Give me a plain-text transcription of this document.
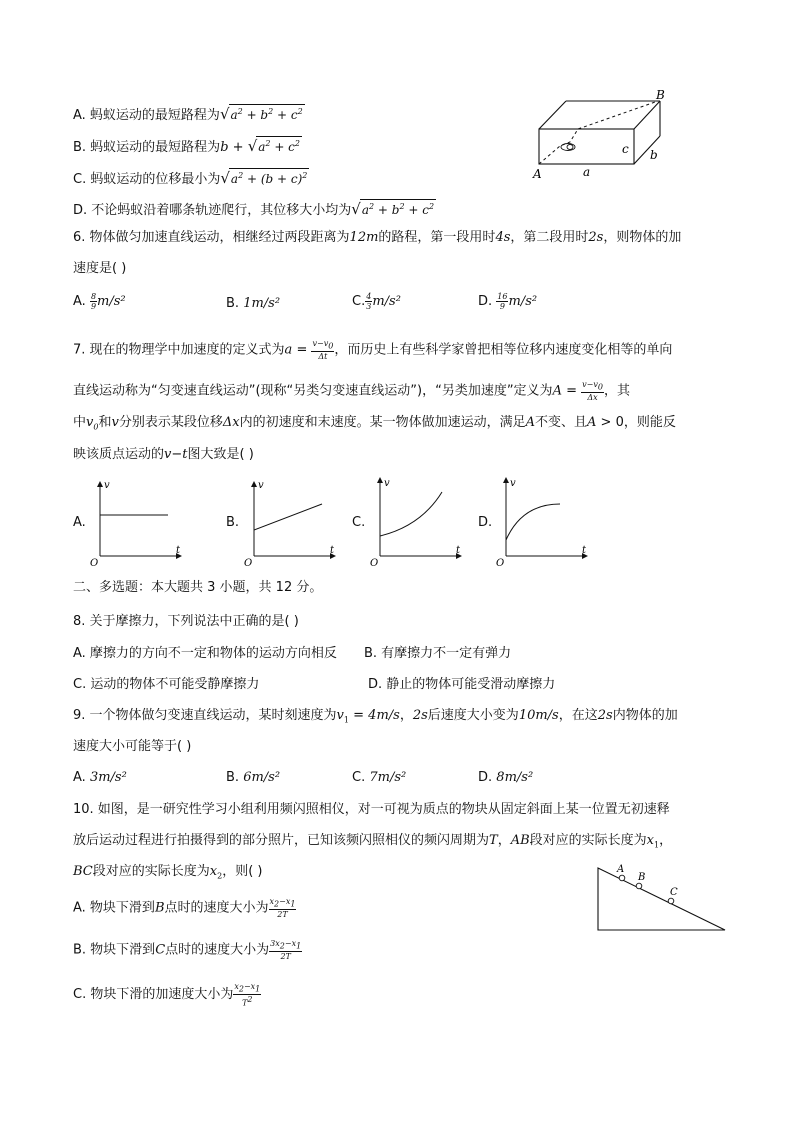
A. 蚂蚁运动的最短路程为$√a^2 + b^2 + c^2$
B. 蚂蚁运动的最短路程为$b + √a^2 + c^2$
C. 蚂蚁运动的位移最小为$√a^2 + (b + c)^2$
D. 不论蚂蚁沿着哪条轨迹爬行，其位移大小均为$√a^2 + b^2 + c^2$
A
B
a
b
c
6. 物体做匀加速直线运动，相继经过两段距离为12m的路程，第一段用时4s，第二段用时2s，则物体的加
速度是( )
A. $\frac{8}{9} m/s^2$	B. 1m/s²	C. $\frac{4}{3} m/s^2$	D. $\frac{16}{9} m/s^2$
7. 现在的物理学中加速度的定义式为$a = \frac{v-v_0}{\Delta t}$ ，而历史上有些科学家曾把相等位移内速度变化相等的单向
直线运动称为“匀变速直线运动”(现称“另类匀变速直线运动”)，“另类加速度”定义为$A = \frac{v-v_0}{\Delta x}$ ，其
中$v_0$和v分别表示某段位移Δx内的初速度和末速度。某一物体做加速运动，满足A不变、且A > 0，则能反
映该质点运动的v−t图大致是( )
A.
v
t
O
B.
v
t
O
C.
v
t
O
D.
v
t
O
二、多选题：本大题共 3 小题，共 12 分。
8. 关于摩擦力，下列说法中正确的是( )
A. 摩擦力的方向不一定和物体的运动方向相反 B. 有摩擦力不一定有弹力
C. 运动的物体不可能受静摩擦力	D. 静止的物体可能受滑动摩擦力
9. 一个物体做匀变速直线运动，某时刻速度为$v_1 = 4m/s$，2s后速度大小变为10m/s，在这2s内物体的加
速度大小可能等于( )
A. 3m/s²	B. 6m/s²	C. 7m/s²	D. 8m/s²
10. 如图，是一研究性学习小组利用频闪照相仪，对一可视为质点的物块从固定斜面上某一位置无初速释
放后运动过程进行拍摄得到的部分照片，已知该频闪照相仪的频闪周期为T，AB段对应的实际长度为$x_1$，
BC段对应的实际长度为$x_2$，则( )	A
B
C
A. 物块下滑到B点时的速度大小为 $\frac{x_2-x_1}{2T}$
B. 物块下滑到C点时的速度大小为 $\frac{3x_2-x_1}{2T}$
C. 物块下滑的加速度大小为 $\frac{x_2-x_1}{T^2}$
